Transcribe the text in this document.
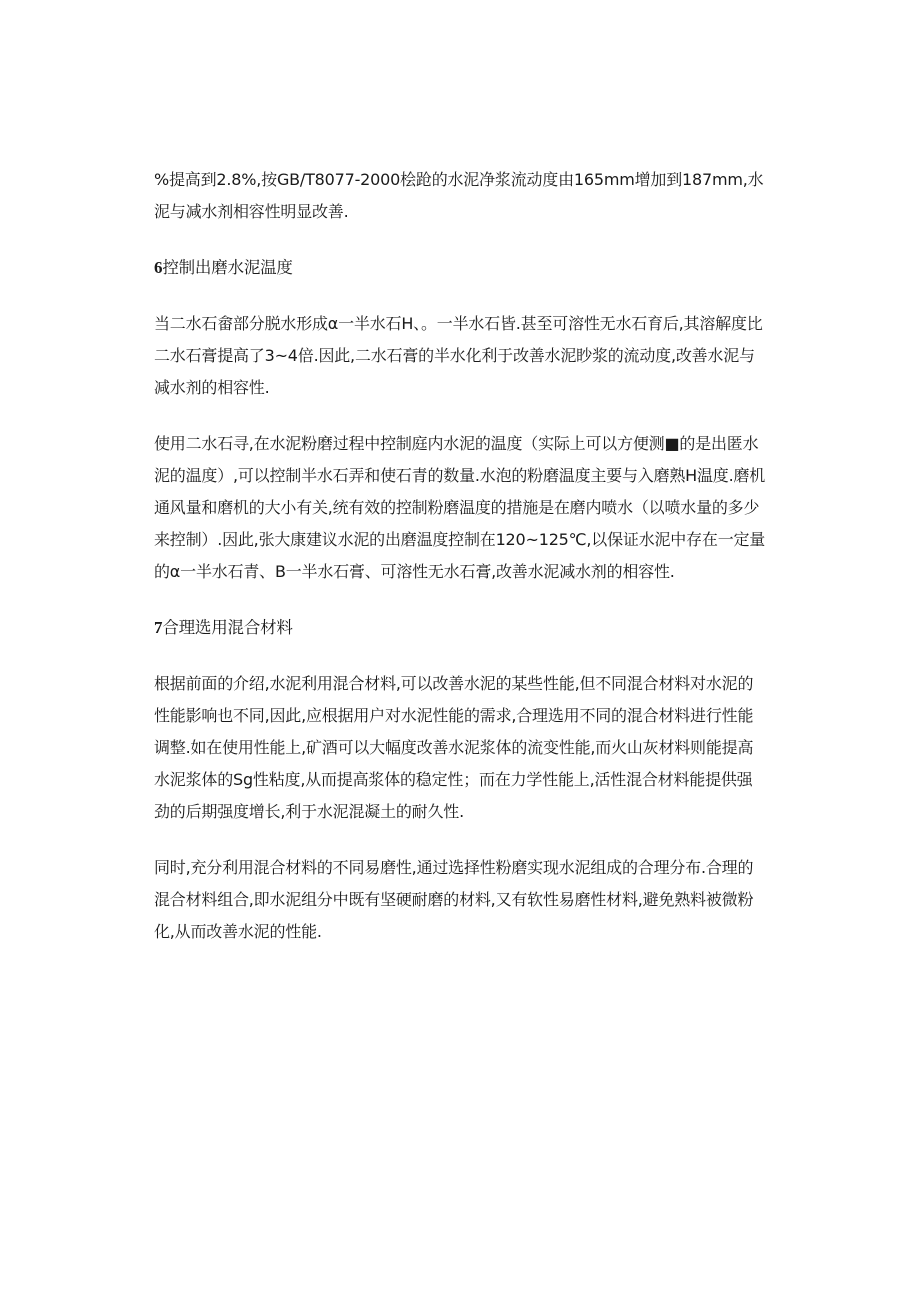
%提高到2.8%,按GB/T8077-2000桧跄的水泥净浆流动度由165mm增加到187mm,水泥与减水剂相容性明显改善.

6控制出磨水泥温度

当二水石畲部分脱水形成α一半水石H、。一半水石皆.甚至可溶性无水石育后,其溶解度比二水石膏提高了3~4倍.因此,二水石膏的半水化利于改善水泥眇浆的流动度,改善水泥与减水剂的相容性.

使用二水石寻,在水泥粉磨过程中控制庭内水泥的温度（实际上可以方便测■的是出匿水泥的温度）,可以控制半水石弄和使石青的数量.水泡的粉磨温度主要与入磨熟H温度.磨机通风量和磨机的大小有关,统有效的控制粉磨温度的措施是在磨内喷水（以喷水量的多少来控制）.因此,张大康建议水泥的出磨温度控制在120~125℃,以保证水泥中存在一定量的α一半水石青、B一半水石膏、可溶性无水石膏,改善水泥减水剂的相容性.

7合理选用混合材料

根据前面的介绍,水泥利用混合材料,可以改善水泥的某些性能,但不同混合材料对水泥的性能影响也不同,因此,应根据用户对水泥性能的需求,合理选用不同的混合材料进行性能调整.如在使用性能上,矿酒可以大幅度改善水泥浆体的流变性能,而火山灰材料则能提高水泥浆体的Sg性粘度,从而提高浆体的稳定性；而在力学性能上,活性混合材料能提供强劲的后期强度增长,利于水泥混凝土的耐久性.

同时,充分利用混合材料的不同易磨性,通过选择性粉磨实现水泥组成的合理分布.合理的混合材料组合,即水泥组分中既有坚硬耐磨的材料,又有软性易磨性材料,避免熟料被微粉化,从而改善水泥的性能.
